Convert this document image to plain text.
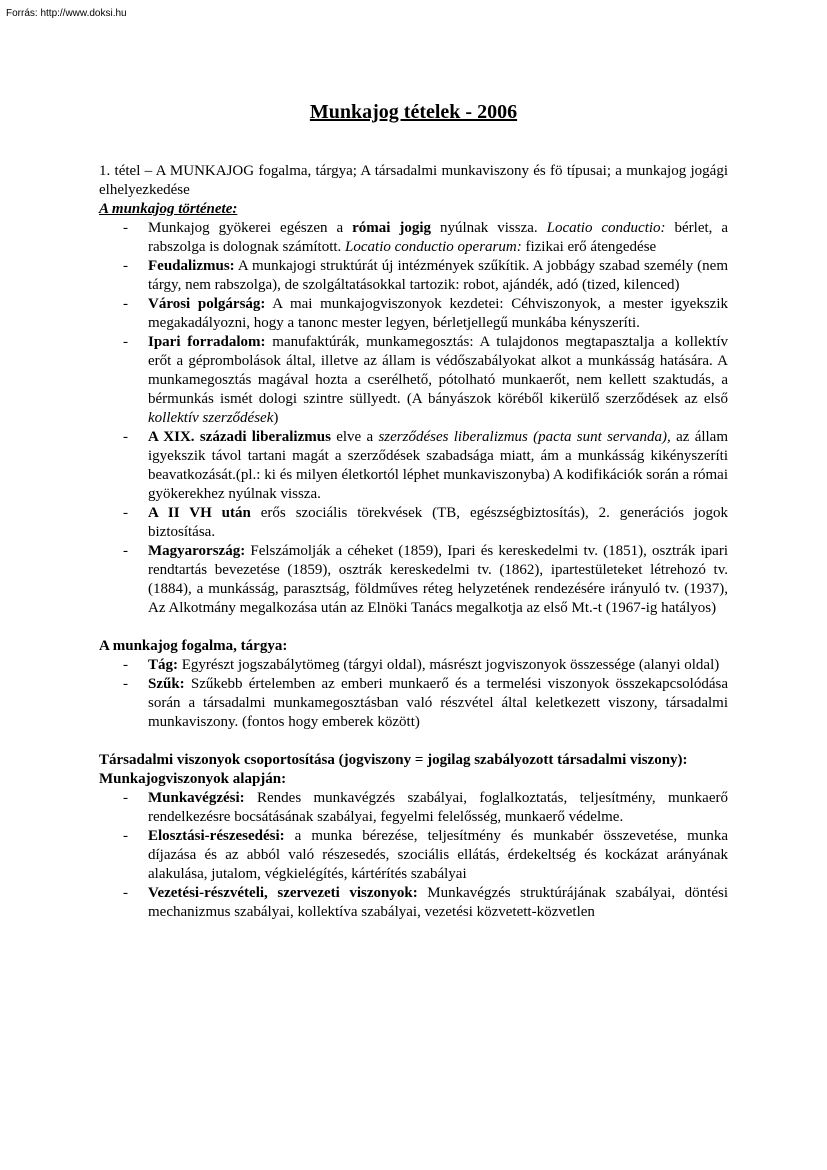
Forrás: http://www.doksi.hu
Munkajog tételek - 2006

1. tétel – A MUNKAJOG fogalma, tárgya; A társadalmi munkaviszony és fö típusai; a munkajog jogági elhelyezkedése

A munkajog története:

- Munkajog gyökerei egészen a római jogig nyúlnak vissza. Locatio conductio: bérlet, a rabszolga is dolognak számított. Locatio conductio operarum: fizikai erő átengedése
- Feudalizmus: A munkajogi struktúrát új intézmények szűkítik. A jobbágy szabad személy (nem tárgy, nem rabszolga), de szolgáltatásokkal tartozik: robot, ajándék, adó (tized, kilenced)
- Városi polgárság: A mai munkajogviszonyok kezdetei: Céhviszonyok, a mester igyekszik megakadályozni, hogy a tanonc mester legyen, bérletjellegű munkába kényszeríti.
- Ipari forradalom: manufaktúrák, munkamegosztás: A tulajdonos megtapasztalja a kollektív erőt a géprombolások által, illetve az állam is védőszabályokat alkot a munkásság hatására. A munkamegosztás magával hozta a cserélhető, pótolható munkaerőt, nem kellett szaktudás, a bérmunkás ismét dologi szintre süllyedt. (A bányászok köréből kikerülő szerződések az első kollektív szerződések)
- A XIX. századi liberalizmus elve a szerződéses liberalizmus (pacta sunt servanda), az állam igyekszik távol tartani magát a szerződések szabadsága miatt, ám a munkásság kikényszeríti beavatkozását.(pl.: ki és milyen életkortól léphet munkaviszonyba) A kodifikációk során a római gyökerekhez nyúlnak vissza.
- A II VH után erős szociális törekvések (TB, egészségbiztosítás), 2. generációs jogok biztosítása.
- Magyarország: Felszámolják a céheket (1859), Ipari és kereskedelmi tv. (1851), osztrák ipari rendtartás bevezetése (1859), osztrák kereskedelmi tv. (1862), ipartestületeket létrehozó tv. (1884), a munkásság, parasztság, földműves réteg helyzetének rendezésére irányuló tv. (1937), Az Alkotmány megalkozása után az Elnöki Tanács megalkotja az első Mt.-t (1967-ig hatályos)

A munkajog fogalma, tárgya:

- Tág: Egyrészt jogszabálytömeg (tárgyi oldal), másrészt jogviszonyok összessége (alanyi oldal)
- Szűk: Szűkebb értelemben az emberi munkaerő és a termelési viszonyok összekapcsolódása során a társadalmi munkamegosztásban való részvétel által keletkezett viszony, társadalmi munkaviszony. (fontos hogy emberek között)

Társadalmi viszonyok csoportosítása (jogviszony = jogilag szabályozott társadalmi viszony):

Munkajogviszonyok alapján:

- Munkavégzési: Rendes munkavégzés szabályai, foglalkoztatás, teljesítmény, munkaerő rendelkezésre bocsátásának szabályai, fegyelmi felelősség, munkaerő védelme.
- Elosztási-részesedési: a munka bérezése, teljesítmény és munkabér összevetése, munka díjazása és az abból való részesedés, szociális ellátás, érdekeltség és kockázat arányának alakulása, jutalom, végkielégítés, kártérítés szabályai
- Vezetési-részvételi, szervezeti viszonyok: Munkavégzés struktúrájának szabályai, döntési mechanizmus szabályai, kollektíva szabályai, vezetési közvetett-közvetlen
